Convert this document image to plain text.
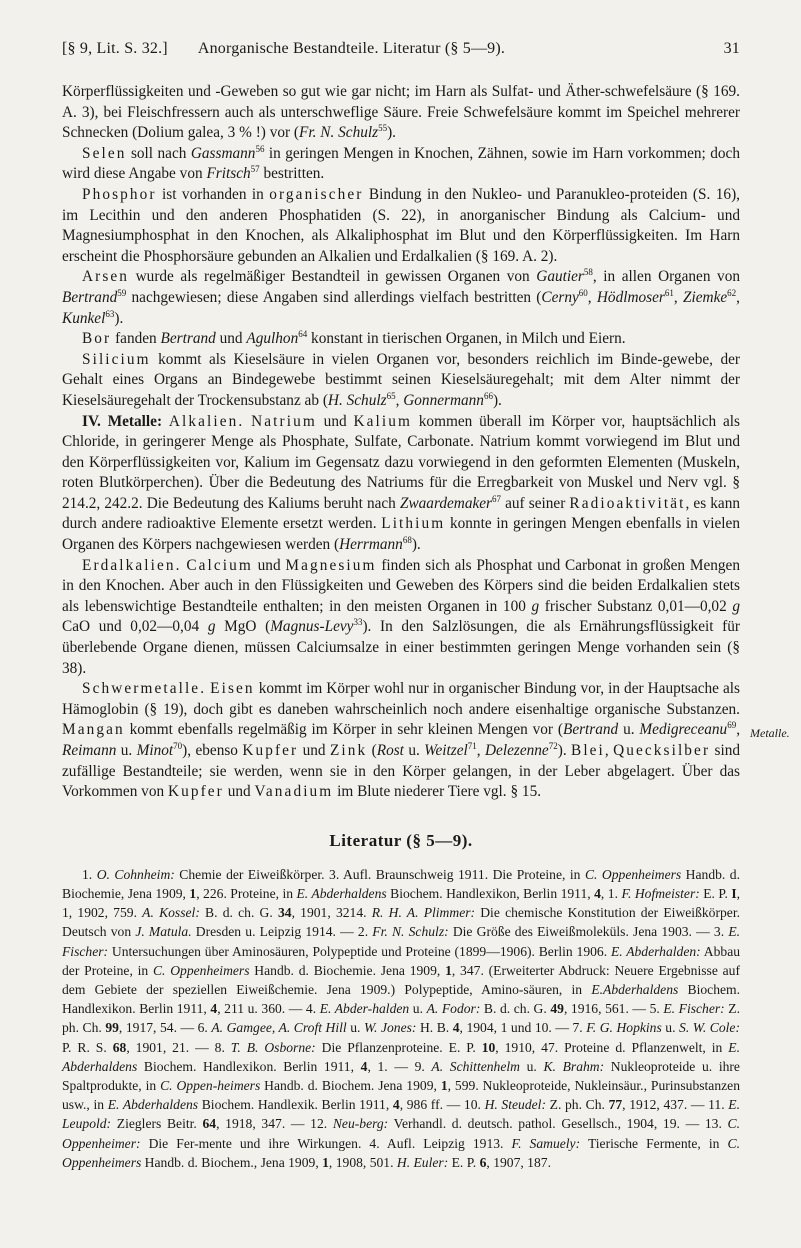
[§ 9, Lit. S. 32.] Anorganische Bestandteile. Literatur (§ 5—9).	31

Körperflüssigkeiten und -Geweben so gut wie gar nicht; im Harn als Sulfat- und Äther-schwefelsäure (§ 169. A. 3), bei Fleischfressern auch als unterschweflige Säure. Freie Schwefelsäure kommt im Speichel mehrerer Schnecken (Dolium galea, 3 % !) vor (Fr. N. Schulz$^{55}$).

Selen soll nach Gassmann$^{56}$ in geringen Mengen in Knochen, Zähnen, sowie im Harn vorkommen; doch wird diese Angabe von Fritsch$^{57}$ bestritten.

Phosphor ist vorhanden in organischer Bindung in den Nukleo- und Paranukleo-proteiden (S. 16), im Lecithin und den anderen Phosphatiden (S. 22), in anorganischer Bindung als Calcium- und Magnesiumphosphat in den Knochen, als Alkaliphosphat im Blut und den Körperflüssigkeiten. Im Harn erscheint die Phosphorsäure gebunden an Alkalien und Erdalkalien (§ 169. A. 2).

Arsen wurde als regelmäßiger Bestandteil in gewissen Organen von Gautier$^{58}$, in allen Organen von Bertrand$^{59}$ nachgewiesen; diese Angaben sind allerdings vielfach bestritten (Cerny$^{60}$, Hödlmoser$^{61}$, Ziemke$^{62}$, Kunkel$^{63}$).

Bor fanden Bertrand und Agulhon$^{64}$ konstant in tierischen Organen, in Milch und Eiern.

Silicium kommt als Kieselsäure in vielen Organen vor, besonders reichlich im Binde-gewebe, der Gehalt eines Organs an Bindegewebe bestimmt seinen Kieselsäuregehalt; mit dem Alter nimmt der Kieselsäuregehalt der Trockensubstanz ab (H. Schulz$^{65}$, Gonnermann$^{66}$).

IV. Metalle: Alkalien. Natrium und Kalium kommen überall im Körper vor, hauptsächlich als Chloride, in geringerer Menge als Phosphate, Sulfate, Carbonate. Natrium kommt vorwiegend im Blut und den Körperflüssigkeiten vor, Kalium im Gegensatz dazu vorwiegend in den geformten Elementen (Muskeln, roten Blutkörperchen). Über die Bedeutung des Natriums für die Erregbarkeit von Muskel und Nerv vgl. § 214.2, 242.2. Die Bedeutung des Kaliums beruht nach Zwaardemaker$^{67}$ auf seiner Radioaktivität, es kann durch andere radioaktive Elemente ersetzt werden. Lithium konnte in geringen Mengen ebenfalls in vielen Organen des Körpers nachgewiesen werden (Herrmann$^{68}$).

Erdalkalien. Calcium und Magnesium finden sich als Phosphat und Carbonat in großen Mengen in den Knochen. Aber auch in den Flüssigkeiten und Geweben des Körpers sind die beiden Erdalkalien stets als lebenswichtige Bestandteile enthalten; in den meisten Organen in 100 g frischer Substanz 0,01—0,02 g CaO und 0,02—0,04 g MgO (Magnus-Levy$^{33}$). In den Salzlösungen, die als Ernährungsflüssigkeit für überlebende Organe dienen, müssen Calciumsalze in einer bestimmten geringen Menge vorhanden sein (§ 38).

Schwermetalle. Eisen kommt im Körper wohl nur in organischer Bindung vor, in der Hauptsache als Hämoglobin (§ 19), doch gibt es daneben wahrscheinlich noch andere eisenhaltige organische Substanzen. Mangan kommt ebenfalls regelmäßig im Körper in sehr kleinen Mengen vor (Bertrand u. Medigreceanu$^{69}$, Reimann u. Minot$^{70}$), ebenso Kupfer und Zink (Rost u. Weitzel$^{71}$, Delezenne$^{72}$). Blei, Quecksilber sind zufällige Bestandteile; sie werden, wenn sie in den Körper gelangen, in der Leber abgelagert. Über das Vorkommen von Kupfer und Vanadium im Blute niederer Tiere vgl. § 15.

Literatur (§ 5—9).
1. O. Cohnheim: Chemie der Eiweißkörper. 3. Aufl. Braunschweig 1911. Die Proteine, in C. Oppenheimers Handb. d. Biochemie, Jena 1909, 1, 226. Proteine, in E. Abderhaldens Biochem. Handlexikon, Berlin 1911, 4, 1. F. Hofmeister: E. P. I, 1, 1902, 759. A. Kossel: B. d. ch. G. 34, 1901, 3214. R. H. A. Plimmer: Die chemische Konstitution der Eiweißkörper. Deutsch von J. Matula. Dresden u. Leipzig 1914. — 2. Fr. N. Schulz: Die Größe des Eiweißmoleküls. Jena 1903. — 3. E. Fischer: Untersuchungen über Aminosäuren, Polypeptide und Proteine (1899—1906). Berlin 1906. E. Abderhalden: Abbau der Proteine, in C. Oppenheimers Handb. d. Biochemie. Jena 1909, 1, 347. (Erweiterter Abdruck: Neuere Ergebnisse auf dem Gebiete der speziellen Eiweißchemie. Jena 1909.) Polypeptide, Amino-säuren, in E.Abderhaldens Biochem. Handlexikon. Berlin 1911, 4, 211 u. 360. — 4. E. Abder-halden u. A. Fodor: B. d. ch. G. 49, 1916, 561. — 5. E. Fischer: Z. ph. Ch. 99, 1917, 54. — 6. A. Gamgee, A. Croft Hill u. W. Jones: H. B. 4, 1904, 1 und 10. — 7. F. G. Hopkins u. S. W. Cole: P. R. S. 68, 1901, 21. — 8. T. B. Osborne: Die Pflanzenproteine. E. P. 10, 1910, 47. Proteine d. Pflanzenwelt, in E. Abderhaldens Biochem. Handlexikon. Berlin 1911, 4, 1. — 9. A. Schittenhelm u. K. Brahm: Nukleoproteide u. ihre Spaltprodukte, in C. Oppen-heimers Handb. d. Biochem. Jena 1909, 1, 599. Nukleoproteide, Nukleinsäur., Purinsubstanzen usw., in E. Abderhaldens Biochem. Handlexik. Berlin 1911, 4, 986 ff. — 10. H. Steudel: Z. ph. Ch. 77, 1912, 437. — 11. E. Leupold: Zieglers Beitr. 64, 1918, 347. — 12. Neu-berg: Verhandl. d. deutsch. pathol. Gesellsch., 1904, 19. — 13. C. Oppenheimer: Die Fer-mente und ihre Wirkungen. 4. Aufl. Leipzig 1913. F. Samuely: Tierische Fermente, in C. Oppenheimers Handb. d. Biochem., Jena 1909, 1, 1908, 501. H. Euler: E. P. 6, 1907, 187.
Metalle.
